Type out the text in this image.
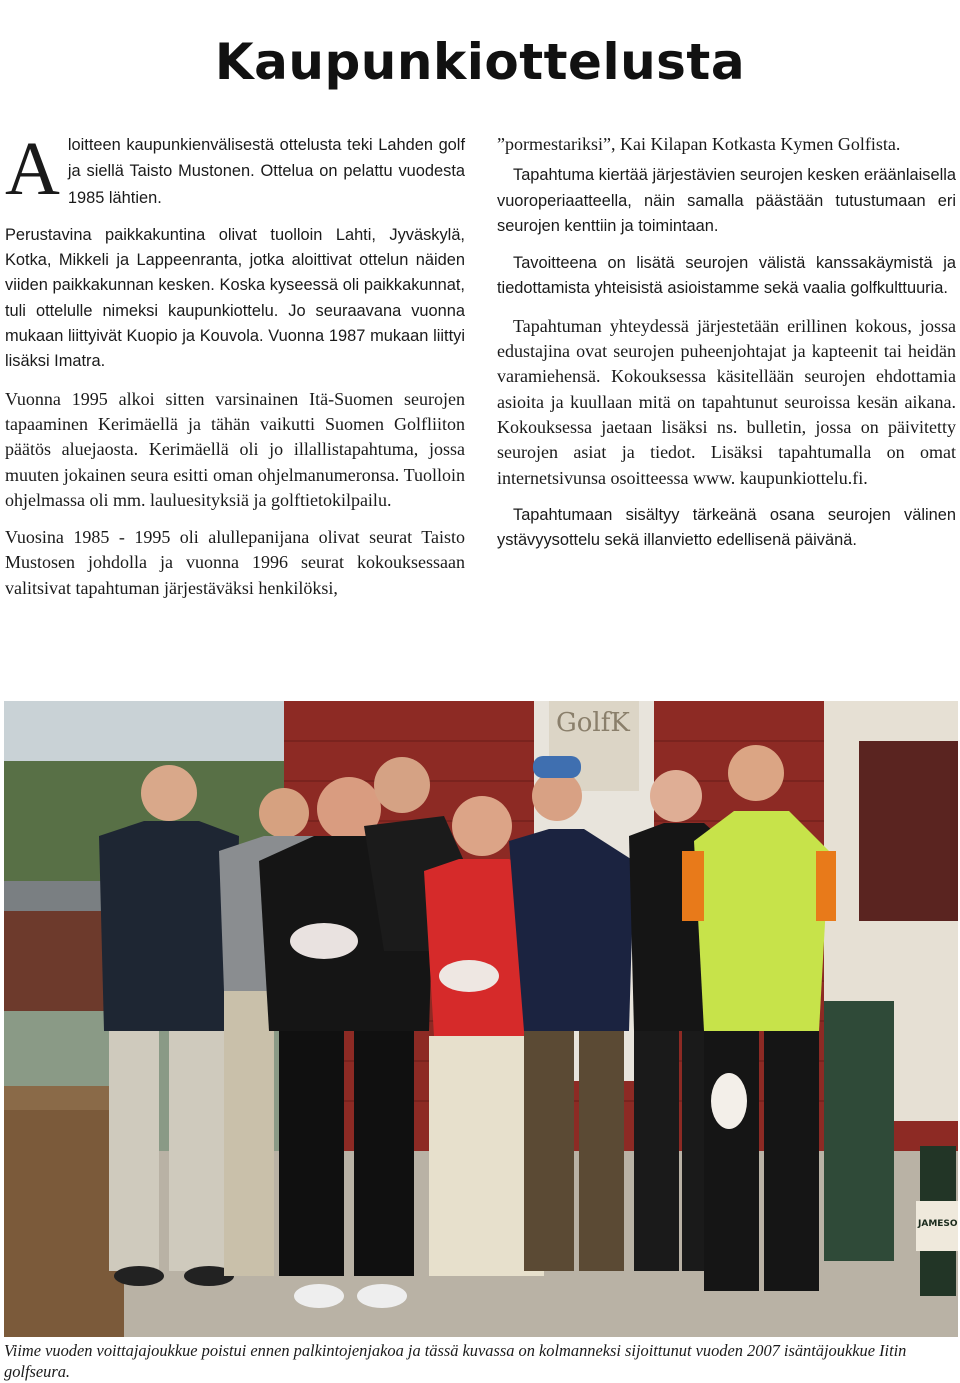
Kaupunkiottelusta

Aloitteen kaupunkienvälisestä ottelusta teki Lahden golf ja siellä Taisto Mustonen. Ottelua on pelattu vuodesta 1985 lähtien.

Perustavina paikkakuntina olivat tuolloin Lahti, Jyväskylä, Kotka, Mikkeli ja Lappeenranta, jotka aloittivat ottelun näiden viiden paikkakunnan kesken. Koska kyseessä oli paikkakunnat, tuli ottelulle nimeksi kaupunkiottelu. Jo seuraavana vuonna mukaan liittyivät Kuopio ja Kouvola. Vuonna 1987 mukaan liittyi lisäksi Imatra.

Vuonna 1995 alkoi sitten varsinainen Itä-Suomen seurojen tapaaminen Kerimäellä ja tähän vaikutti Suomen Golfliiton päätös aluejaosta. Kerimäellä oli jo illallistapahtuma, jossa muuten jokainen seura esitti oman ohjelmanumeronsa. Tuolloin ohjelmassa oli mm. lauluesityksiä ja golftietokilpailu.

Vuosina 1985 - 1995 oli alullepanijana olivat seurat Taisto Mustosen johdolla ja vuonna 1996 seurat kokouksessaan valitsivat tapahtuman järjestäväksi henkilöksi,

”pormestariksi”, Kai Kilapan Kotkasta Kymen Golfista.

Tapahtuma kiertää järjestävien seurojen kesken eräänlaisella vuoroperiaatteella, näin samalla päästään tutustumaan eri seurojen kenttiin ja toimintaan.

Tavoitteena on lisätä seurojen välistä kanssakäymistä ja tiedottamista yhteisistä asioistamme sekä vaalia golfkulttuuria.

Tapahtuman yhteydessä järjestetään erillinen kokous, jossa edustajina ovat seurojen puheenjohtajat ja kapteenit tai heidän varamiehensä. Kokouksessa käsitellään seurojen ehdottamia asioita ja kuullaan mitä on tapahtunut seuroissa kesän aikana. Kokouksessa jaetaan lisäksi ns. bulletin, jossa on päivitetty seurojen asiat ja tiedot. Lisäksi tapahtumalla on omat internetsivunsa osoitteessa www. kaupunkiottelu.fi.

Tapahtumaan sisältyy tärkeänä osana seurojen välinen ystävyysottelu sekä illanvietto edellisenä päivänä.

GolfK
JAMESO
Viime vuoden voittajajoukkue poistui ennen palkintojenjakoa ja tässä kuvassa on kolmanneksi sijoittunut vuoden 2007 isäntäjoukkue Iitin golfseura.
